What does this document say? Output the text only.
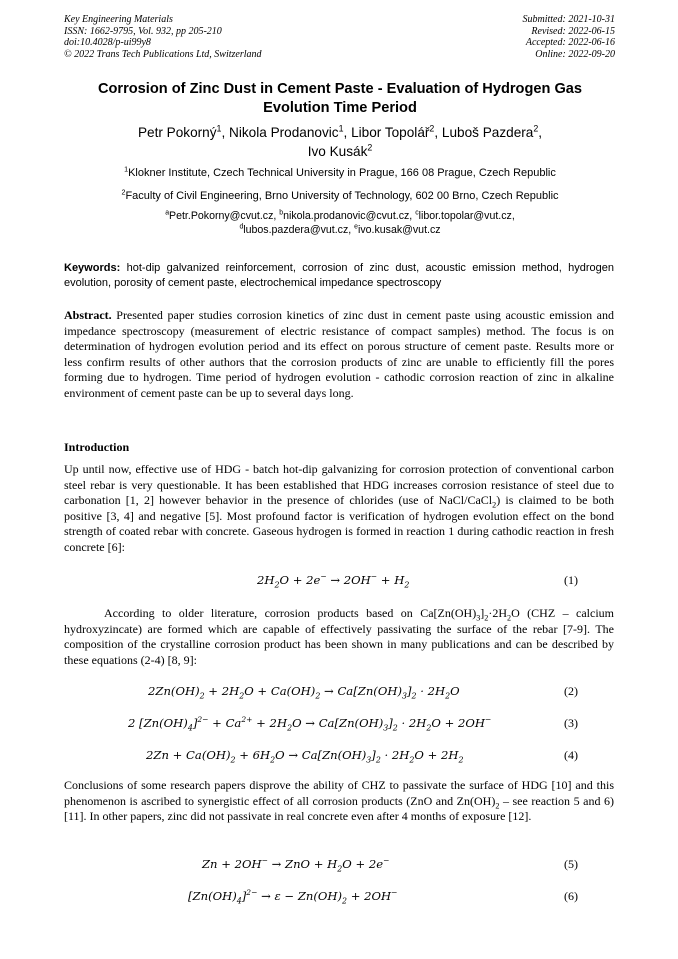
Key Engineering Materials
ISSN: 1662-9795, Vol. 932, pp 205-210
doi:10.4028/p-ui99y8
© 2022 Trans Tech Publications Ltd, Switzerland
Submitted: 2021-10-31
Revised: 2022-06-15
Accepted: 2022-06-16
Online: 2022-09-20
Corrosion of Zinc Dust in Cement Paste - Evaluation of Hydrogen Gas Evolution Time Period
Petr Pokorný$^1$, Nikola Prodanovic$^1$, Libor Topolář$^2$, Luboš Pazdera$^2$,
Ivo Kusák$^2$
$^1$Klokner Institute, Czech Technical University in Prague, 166 08 Prague, Czech Republic
$^2$Faculty of Civil Engineering, Brno University of Technology, 602 00 Brno, Czech Republic
$^a$Petr.Pokorny@cvut.cz, $^b$nikola.prodanovic@cvut.cz, $^c$libor.topolar@vut.cz,
$^d$lubos.pazdera@vut.cz, $^e$ivo.kusak@vut.cz
Keywords: hot-dip galvanized reinforcement, corrosion of zinc dust, acoustic emission method, hydrogen evolution, porosity of cement paste, electrochemical impedance spectroscopy
Abstract. Presented paper studies corrosion kinetics of zinc dust in cement paste using acoustic emission and impedance spectroscopy (measurement of electric resistance of compact samples) method. The focus is on determination of hydrogen evolution period and its effect on porous structure of cement paste. Results more or less confirm results of other authors that the corrosion products of zinc are unable to efficiently fill the pores forming due to hydrogen. Time period of hydrogen evolution - cathodic corrosion reaction of zinc in alkaline environment of cement paste can be up to several days long.
Introduction
Up until now, effective use of HDG - batch hot-dip galvanizing for corrosion protection of conventional carbon steel rebar is very questionable. It has been established that HDG increases corrosion resistance of steel due to carbonation [1, 2] however behavior in the presence of chlorides (use of NaCl/CaCl$_2$) is claimed to be both positive [3, 4] and negative [5]. Most profound factor is verification of hydrogen evolution effect on the bond strength of coated rebar with concrete. Gaseous hydrogen is formed in reaction 1 during cathodic reaction in fresh concrete [6]:
$2H_2O + 2e^- \to 2OH^- + H_2$	(1)
According to older literature, corrosion products based on $Ca[Zn(OH)_3]_2\cdot 2H_2O$ (CHZ – calcium hydroxyzincate) are formed which are capable of effectively passivating the surface of the rebar [7-9]. The composition of the crystalline corrosion product has been shown in many publications and can be described by these equations (2-4) [8, 9]:
$2Zn(OH)_2 + 2H_2O + Ca(OH)_2 \to Ca[Zn(OH)_3]_2 \cdot 2H_2O$	(2)
2 $[Zn(OH)_4]^{2-} + Ca^{2+} + 2H_2O \to Ca[Zn(OH)_3]_2 \cdot 2H_2O + 2OH^-$	(3)
$2Zn + Ca(OH)_2 + 6H_2O \to Ca[Zn(OH)_3]_2 \cdot 2H_2O + 2H_2$	(4)
Conclusions of some research papers disprove the ability of CHZ to passivate the surface of HDG [10] and this phenomenon is ascribed to synergistic effect of all corrosion products (ZnO and $Zn(OH)_2$ – see reaction 5 and 6) [11]. In other papers, zinc did not passivate in real concrete even after 4 months of exposure [12].
Zn + 2OH− → ZnO + $H_2O + 2e^-$	(5)
$[Zn(OH)_4]^{2-} \to \varepsilon - Zn(OH)_2 + 2OH^-$	(6)
